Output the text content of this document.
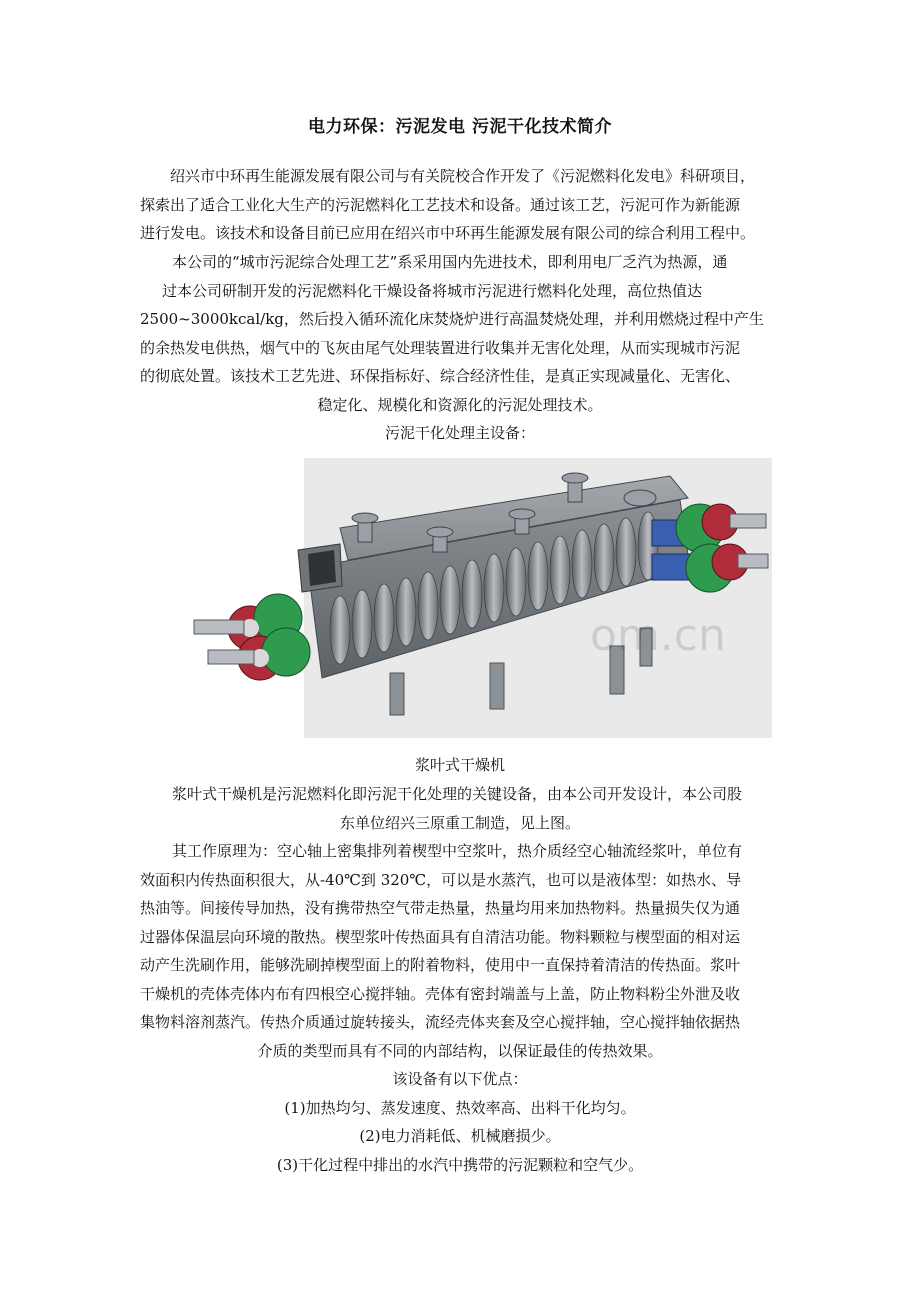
电力环保：污泥发电 污泥干化技术简介
　　绍兴市中环再生能源发展有限公司与有关院校合作开发了《污泥燃料化发电》科研项目，
探索出了适合工业化大生产的污泥燃料化工艺技术和设备。通过该工艺，污泥可作为新能源
进行发电。该技术和设备目前已应用在绍兴市中环再生能源发展有限公司的综合利用工程中。
本公司的“城市污泥综合处理工艺”系采用国内先进技术，即利用电厂乏汽为热源，通
过本公司研制开发的污泥燃料化干燥设备将城市污泥进行燃料化处理，高位热值达
2500~3000kcal/kg，然后投入循环流化床焚烧炉进行高温焚烧处理，并利用燃烧过程中产生
的余热发电供热，烟气中的飞灰由尾气处理装置进行收集并无害化处理，从而实现城市污泥
的彻底处置。该技术工艺先进、环保指标好、综合经济性佳，是真正实现减量化、无害化、
稳定化、规模化和资源化的污泥处理技术。
污泥干化处理主设备：
om.cn
浆叶式干燥机
浆叶式干燥机是污泥燃料化即污泥干化处理的关键设备，由本公司开发设计，本公司股
东单位绍兴三原重工制造，见上图。
其工作原理为：空心轴上密集排列着楔型中空浆叶，热介质经空心轴流经浆叶，单位有
效面积内传热面积很大，从-40℃到 320℃，可以是水蒸汽，也可以是液体型：如热水、导
热油等。间接传导加热，没有携带热空气带走热量，热量均用来加热物料。热量损失仅为通
过器体保温层向环境的散热。楔型浆叶传热面具有自清洁功能。物料颗粒与楔型面的相对运
动产生洗刷作用，能够洗刷掉楔型面上的附着物料，使用中一直保持着清洁的传热面。浆叶
干燥机的壳体壳体内布有四根空心搅拌轴。壳体有密封端盖与上盖，防止物料粉尘外泄及收
集物料溶剂蒸汽。传热介质通过旋转接头，流经壳体夹套及空心搅拌轴，空心搅拌轴依据热
介质的类型而具有不同的内部结构，以保证最佳的传热效果。
该设备有以下优点：
(1)加热均匀、蒸发速度、热效率高、出料干化均匀。
(2)电力消耗低、机械磨损少。
(3)干化过程中排出的水汽中携带的污泥颗粒和空气少。
